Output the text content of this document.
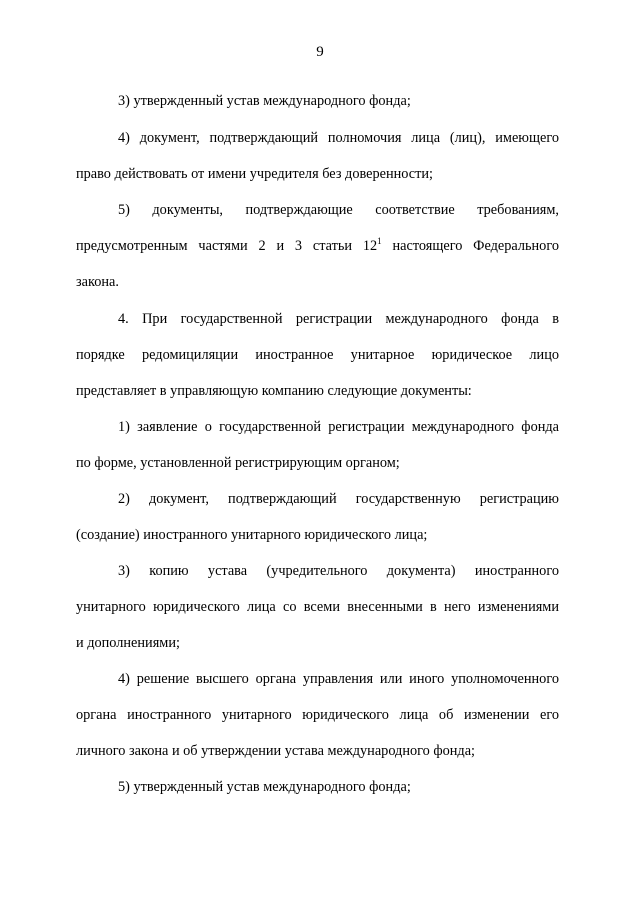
9
3) утвержденный устав международного фонда;
4) документ, подтверждающий полномочия лица (лиц), имеющего
право действовать от имени учредителя без доверенности;
5) документы, подтверждающие соответствие требованиям,
предусмотренным частями 2 и 3 статьи $12^1$ настоящего Федерального
закона.
4. При государственной регистрации международного фонда в
порядке редомициляции иностранное унитарное юридическое лицо
представляет в управляющую компанию следующие документы:
1) заявление о государственной регистрации международного фонда
по форме, установленной регистрирующим органом;
2) документ, подтверждающий государственную регистрацию
(создание) иностранного унитарного юридического лица;
3) копию устава (учредительного документа) иностранного
унитарного юридического лица со всеми внесенными в него изменениями
и дополнениями;
4) решение высшего органа управления или иного уполномоченного
органа иностранного унитарного юридического лица об изменении его
личного закона и об утверждении устава международного фонда;
5) утвержденный устав международного фонда;
